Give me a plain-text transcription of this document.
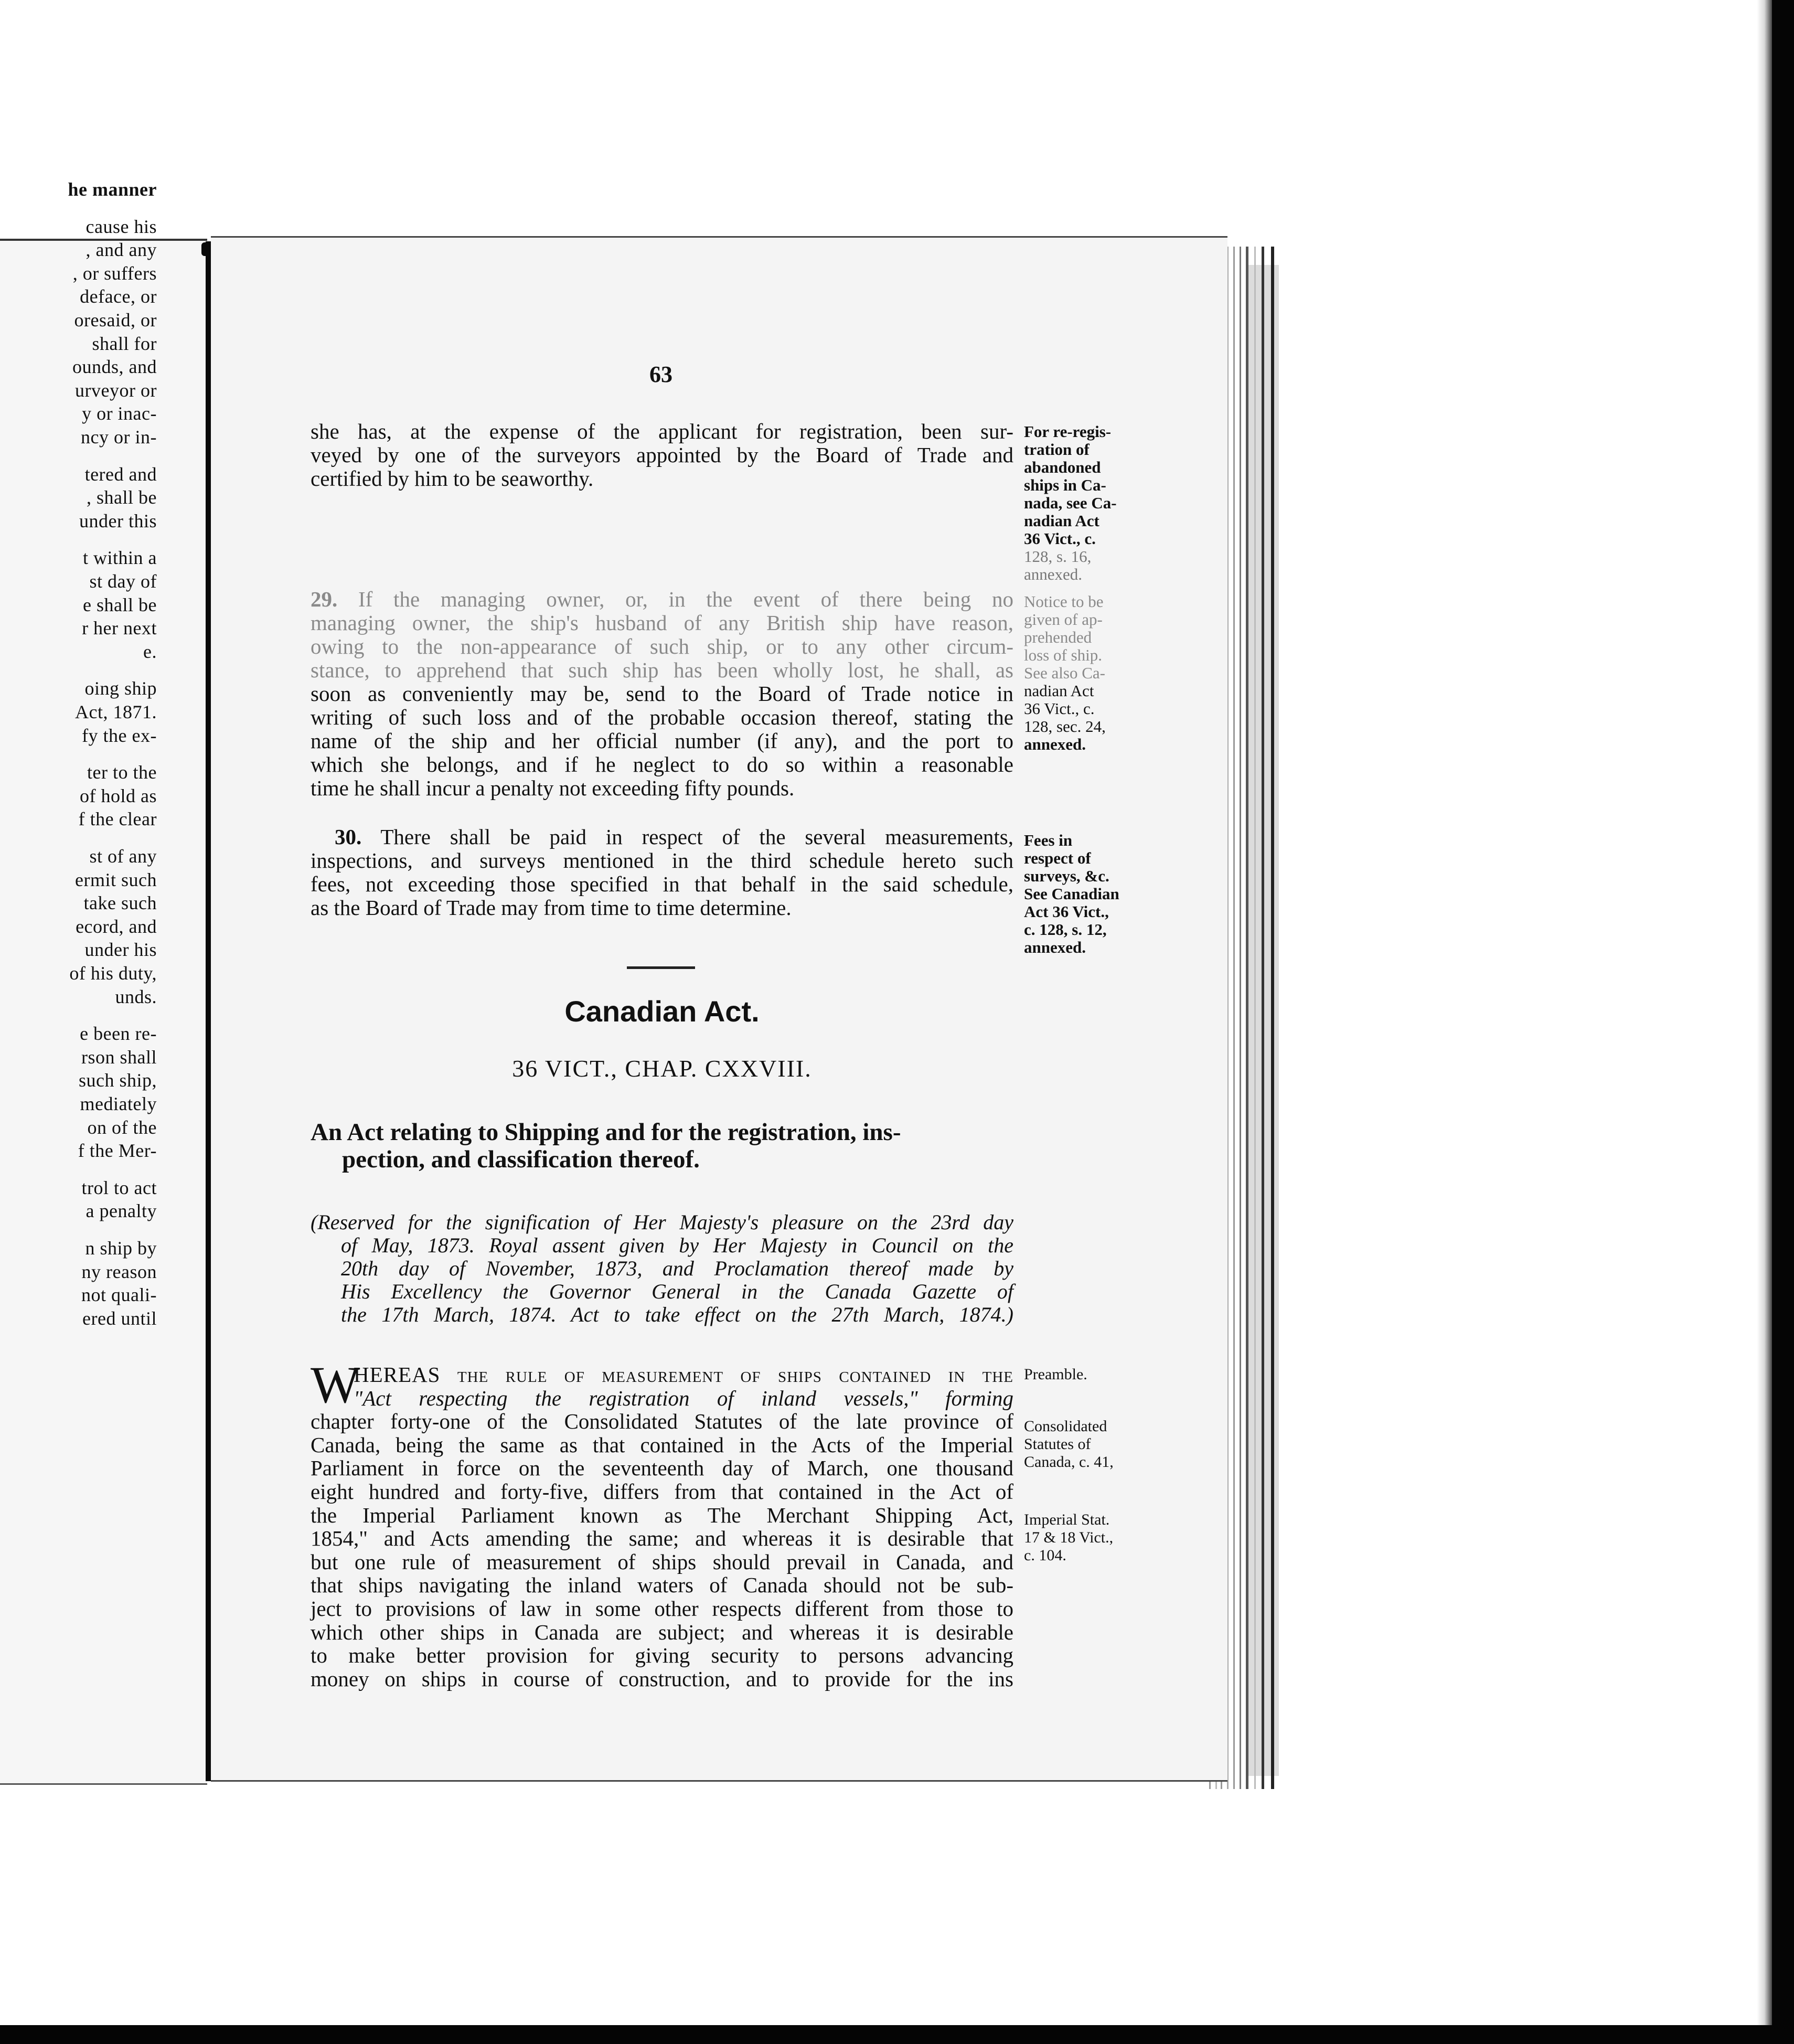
he manner
cause his
, and any
, or suffers
deface, or
oresaid, or
shall for
ounds, and
urveyor or
y or inac-
ncy or in-
tered and
, shall be
under this
t within a
st day of
e shall be
r her next
e.
oing ship
Act, 1871.
fy the ex-
ter to the
of hold as
f the clear
st of any
ermit such
take such
ecord, and
under his
of his duty,
unds.
e been re-
rson shall
such ship,
mediately
on of the
f the Mer-
trol to act
a penalty
n ship by
ny reason
not quali-
ered until
63
she has, at the expense of the applicant for registration, been sur-
veyed by one of the surveyors appointed by the Board of Trade and
certified by him to be seaworthy.
For re-regis-
tration of
abandoned
ships in Ca-
nada, see Ca-
nadian Act
36 Vict., c.
128, s. 16,
annexed.
29. If the managing owner, or, in the event of there being no
managing owner, the ship's husband of any British ship have reason,
owing to the non-appearance of such ship, or to any other circum-
stance, to apprehend that such ship has been wholly lost, he shall, as
soon as conveniently may be, send to the Board of Trade notice in
writing of such loss and of the probable occasion thereof, stating the
name of the ship and her official number (if any), and the port to
which she belongs, and if he neglect to do so within a reasonable
time he shall incur a penalty not exceeding fifty pounds.
Notice to be
given of ap-
prehended
loss of ship.
See also Ca-
nadian Act
36 Vict., c.
128, sec. 24,
annexed.
30. There shall be paid in respect of the several measurements,
inspections, and surveys mentioned in the third schedule hereto such
fees, not exceeding those specified in that behalf in the said schedule,
as the Board of Trade may from time to time determine.
Fees in
respect of
surveys, &c.
See Canadian
Act 36 Vict.,
c. 128, s. 12,
annexed.
Canadian Act.
36 VICT., CHAP. CXXVIII.
An Act relating to Shipping and for the registration, ins-
pection, and classification thereof.
(Reserved for the signification of Her Majesty's pleasure on the 23rd day
of May, 1873. Royal assent given by Her Majesty in Council on the
20th day of November, 1873, and Proclamation thereof made by
His Excellency the Governor General in the Canada Gazette of
the 17th March, 1874. Act to take effect on the 27th March, 1874.)
W
HEREAS the rule of measurement of ships contained in the
"Act respecting the registration of inland vessels," forming
chapter forty-one of the Consolidated Statutes of the late province of
Canada, being the same as that contained in the Acts of the Imperial
Parliament in force on the seventeenth day of March, one thousand
eight hundred and forty-five, differs from that contained in the Act of
the Imperial Parliament known as The Merchant Shipping Act,
1854," and Acts amending the same; and whereas it is desirable that
but one rule of measurement of ships should prevail in Canada, and
that ships navigating the inland waters of Canada should not be sub-
ject to provisions of law in some other respects different from those to
which other ships in Canada are subject; and whereas it is desirable
to make better provision for giving security to persons advancing
money on ships in course of construction, and to provide for the ins
Preamble.
Consolidated
Statutes of
Canada, c. 41,
Imperial Stat.
17 & 18 Vict.,
c. 104.
